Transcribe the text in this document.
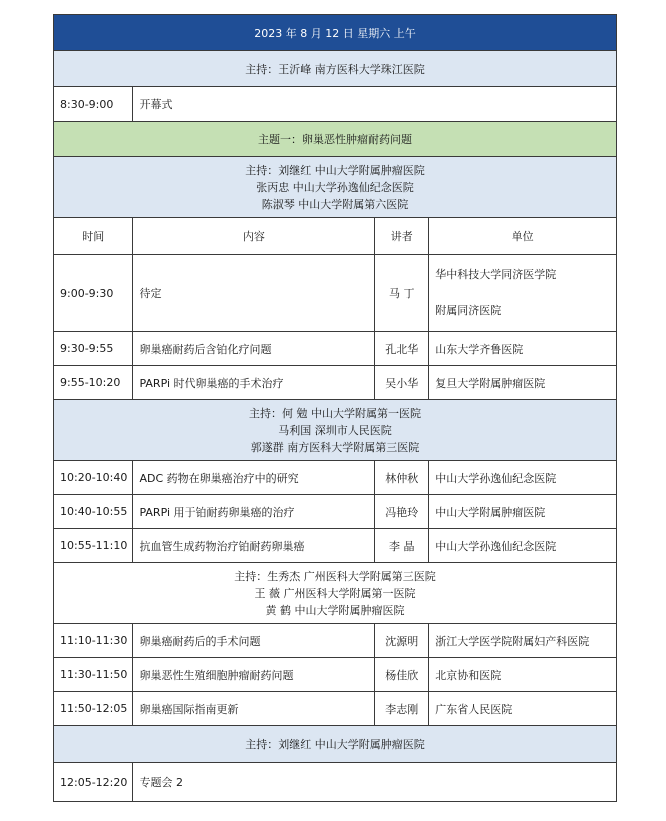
2023 年 8 月 12 日 星期六 上午			
主持：王沂峰 南方医科大学珠江医院			
8:30-9:00	开幕式		
主题一：卵巢恶性肿瘤耐药问题			

主持：刘继红 中山大学附属肿瘤医院
张丙忠 中山大学孙逸仙纪念医院
陈淑琴 中山大学附属第六医院			

时间	内容	讲者	单位
9:00-9:30	待定	马 丁	华中科技大学同济医学院
附属同济医院

9:30-9:55	卵巢癌耐药后含铂化疗问题	孔北华	山东大学齐鲁医院
9:55-10:20	PARPi 时代卵巢癌的手术治疗	吴小华	复旦大学附属肿瘤医院

主持：何 勉 中山大学附属第一医院
马利国 深圳市人民医院
郭遂群 南方医科大学附属第三医院			

10:20-10:40	ADC 药物在卵巢癌治疗中的研究	林仲秋	中山大学孙逸仙纪念医院
10:40-10:55	PARPi 用于铂耐药卵巢癌的治疗	冯艳玲	中山大学附属肿瘤医院
10:55-11:10	抗血管生成药物治疗铂耐药卵巢癌	李 晶	中山大学孙逸仙纪念医院

主持：生秀杰 广州医科大学附属第三医院
王 薇 广州医科大学附属第一医院
黄 鹤 中山大学附属肿瘤医院			

11:10-11:30	卵巢癌耐药后的手术问题	沈源明	浙江大学医学院附属妇产科医院
11:30-11:50	卵巢恶性生殖细胞肿瘤耐药问题	杨佳欣	北京协和医院
11:50-12:05	卵巢癌国际指南更新	李志刚	广东省人民医院
主持：刘继红 中山大学附属肿瘤医院			
12:05-12:20	专题会 2		
